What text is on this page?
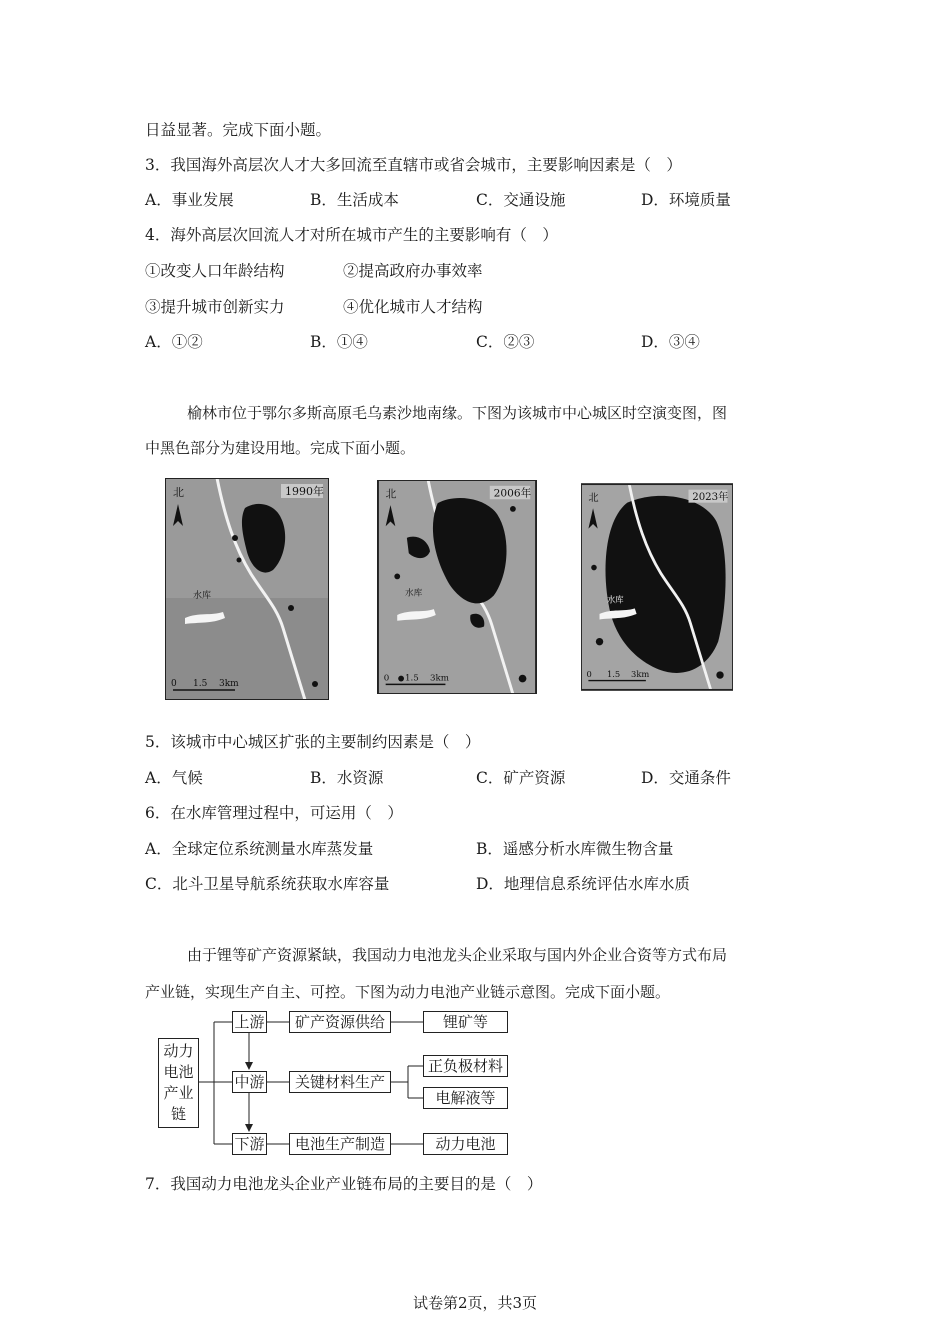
日益显著。完成下面小题。
3．我国海外高层次人才大多回流至直辖市或省会城市，主要影响因素是（　）
A．事业发展	B．生活成本	C．交通设施	D．环境质量
4．海外高层次回流人才对所在城市产生的主要影响有（　）
①改变人口年龄结构	②提高政府办事效率
③提升城市创新实力	④优化城市人才结构
A．①②	B．①④	C．②③	D．③④
榆林市位于鄂尔多斯高原毛乌素沙地南缘。下图为该城市中心城区时空演变图，图
中黑色部分为建设用地。完成下面小题。
1990年
北
水库
0 1.5 3km
2006年
北
水库
0 1.5 3km
2023年
北
水库
0 1.5 3km
5．该城市中心城区扩张的主要制约因素是（　）
A．气候	B．水资源	C．矿产资源	D．交通条件
6．在水库管理过程中，可运用（　）
A．全球定位系统测量水库蒸发量	B．遥感分析水库微生物含量
C．北斗卫星导航系统获取水库容量	D．地理信息系统评估水库水质
由于锂等矿产资源紧缺，我国动力电池龙头企业采取与国内外企业合资等方式布局
产业链，实现生产自主、可控。下图为动力电池产业链示意图。完成下面小题。
动力
电池
产业
链
上游
中游
下游
矿产资源供给
关键材料生产
电池生产制造
锂矿等
正负极材料
电解液等
动力电池
7．我国动力电池龙头企业产业链布局的主要目的是（　）
试卷第2页，共3页
